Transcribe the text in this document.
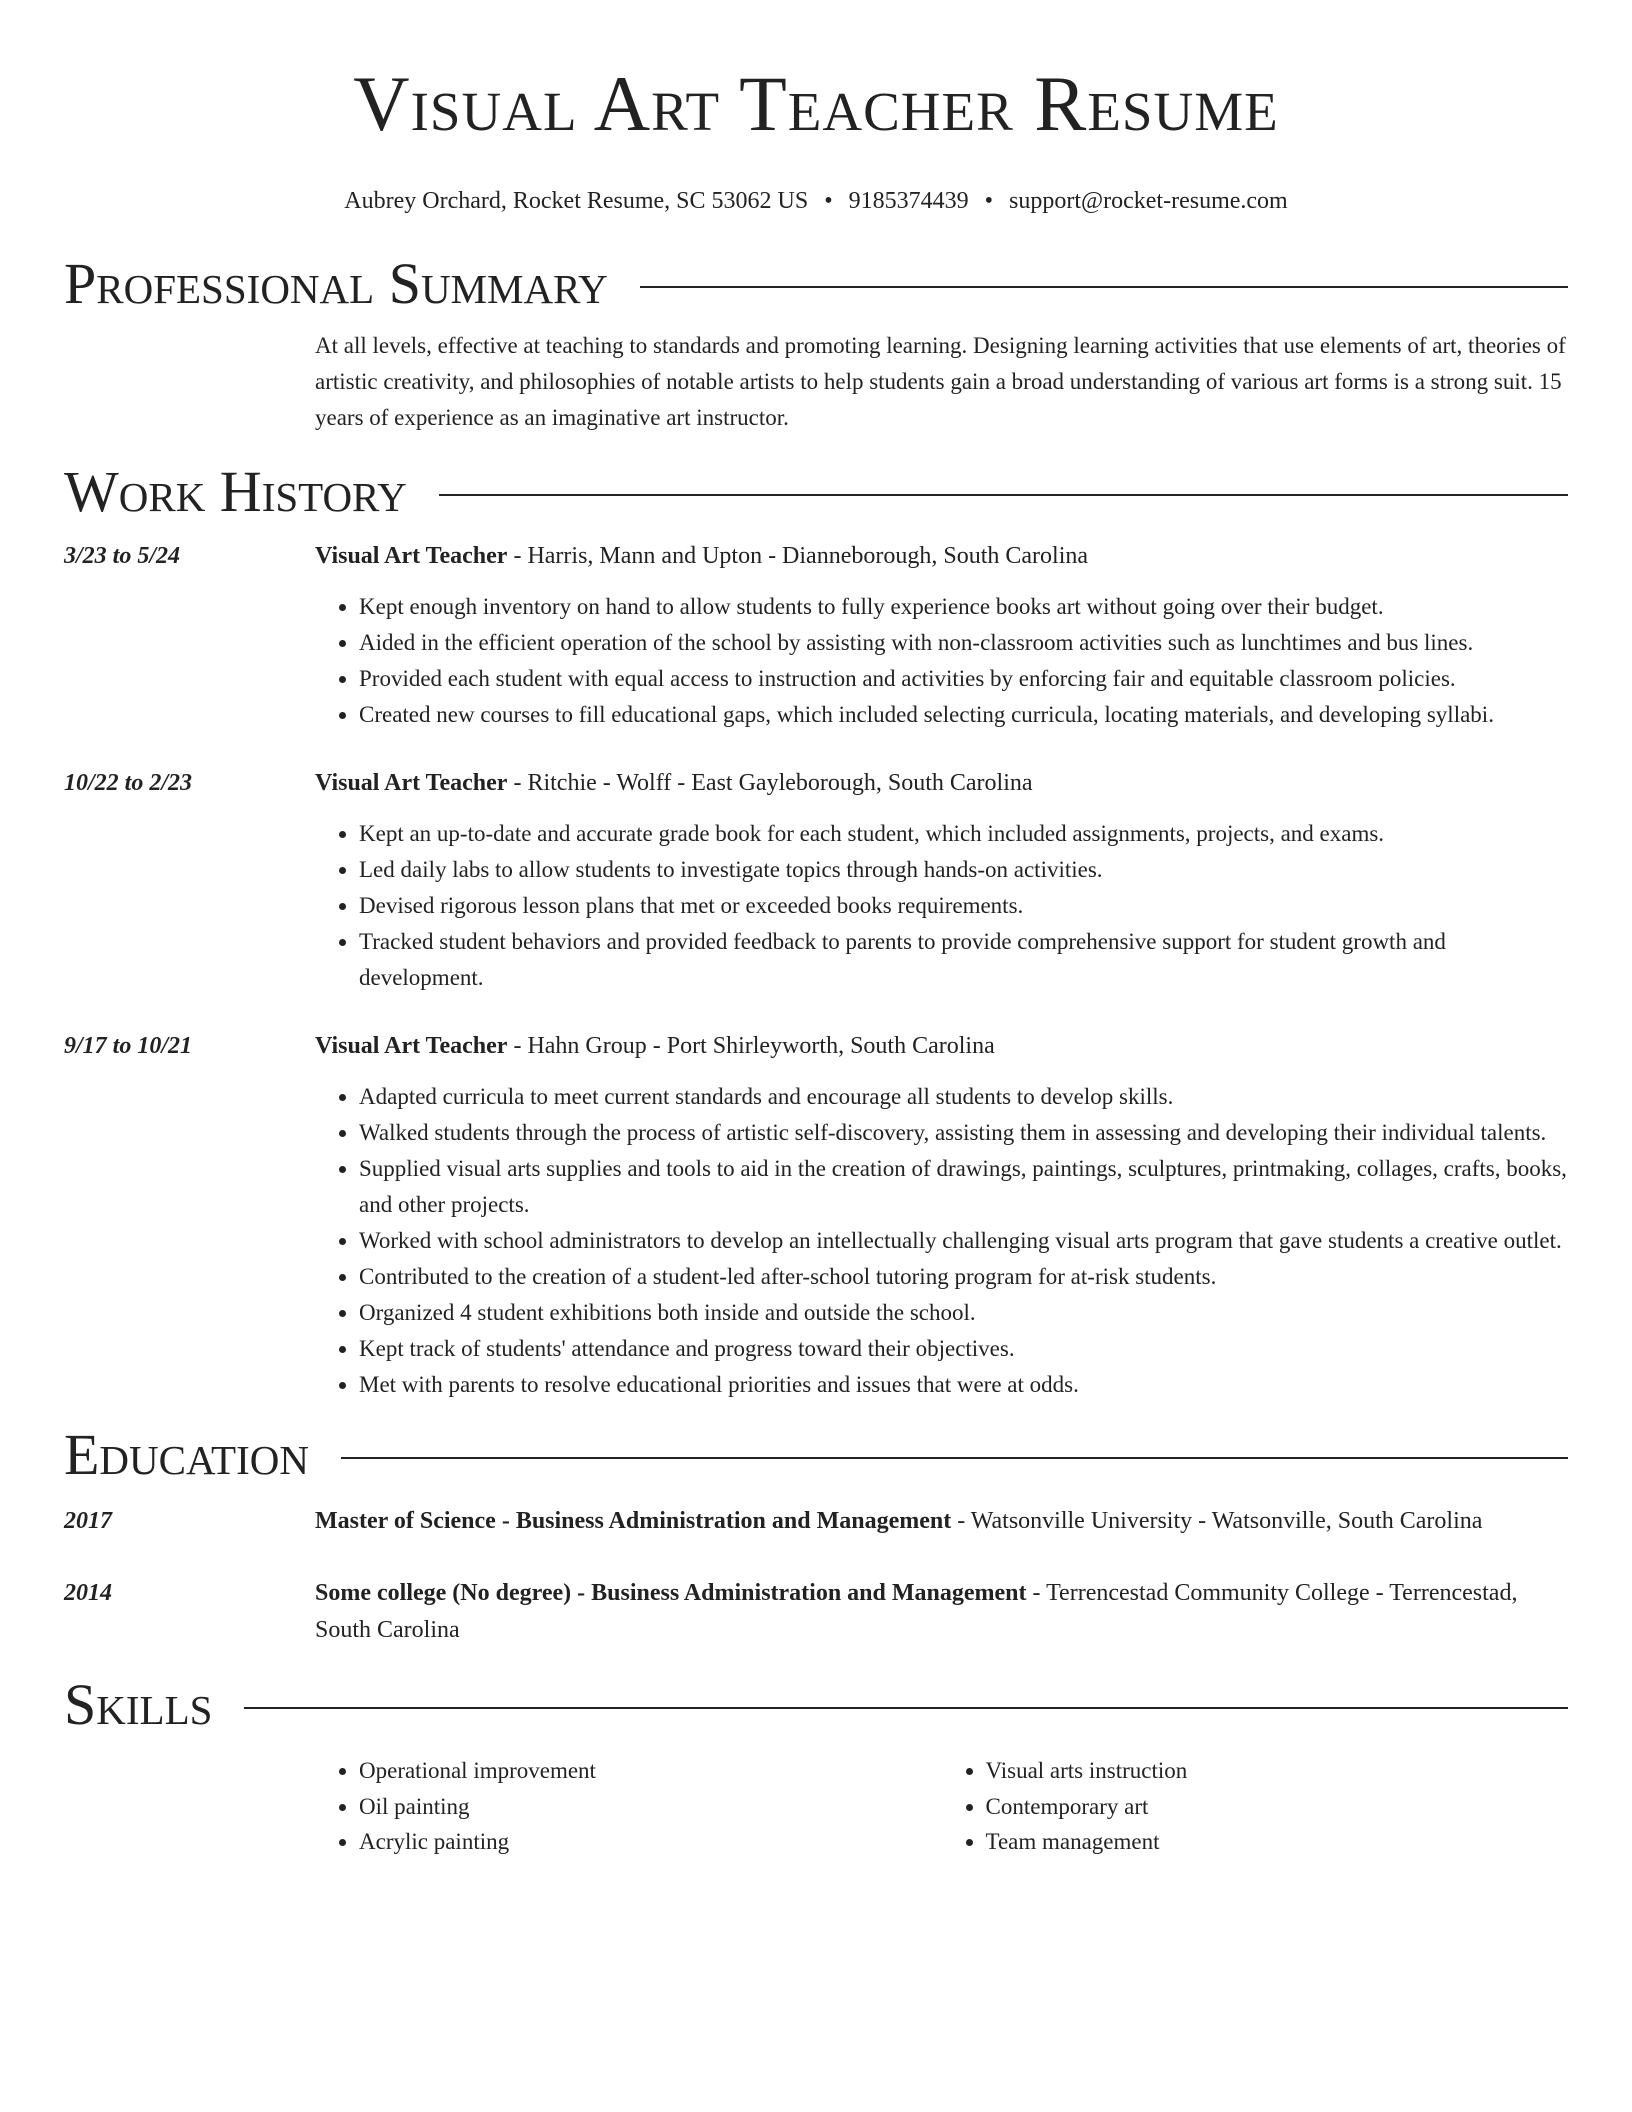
Visual Art Teacher Resume
Aubrey Orchard, Rocket Resume, SC 53062 US • 9185374439 • support@rocket-resume.com
Professional Summary

At all levels, effective at teaching to standards and promoting learning. Designing learning activities that use elements of art, theories of artistic creativity, and philosophies of notable artists to help students gain a broad understanding of various art forms is a strong suit. 15 years of experience as an imaginative art instructor.

Work History
3/23 to 5/24	Visual Art Teacher - Harris, Mann and Upton - Dianneborough, South Carolina

• Kept enough inventory on hand to allow students to fully experience books art without going over their budget.
• Aided in the efficient operation of the school by assisting with non-classroom activities such as lunchtimes and bus lines.
• Provided each student with equal access to instruction and activities by enforcing fair and equitable classroom policies.
• Created new courses to fill educational gaps, which included selecting curricula, locating materials, and developing syllabi.
10/22 to 2/23	Visual Art Teacher - Ritchie - Wolff - East Gayleborough, South Carolina

• Kept an up-to-date and accurate grade book for each student, which included assignments, projects, and exams.
• Led daily labs to allow students to investigate topics through hands-on activities.
• Devised rigorous lesson plans that met or exceeded books requirements.
• Tracked student behaviors and provided feedback to parents to provide comprehensive support for student growth and development.
9/17 to 10/21	Visual Art Teacher - Hahn Group - Port Shirleyworth, South Carolina

• Adapted curricula to meet current standards and encourage all students to develop skills.
• Walked students through the process of artistic self-discovery, assisting them in assessing and developing their individual talents.
• Supplied visual arts supplies and tools to aid in the creation of drawings, paintings, sculptures, printmaking, collages, crafts, books, and other projects.
• Worked with school administrators to develop an intellectually challenging visual arts program that gave students a creative outlet.
• Contributed to the creation of a student-led after-school tutoring program for at-risk students.
• Organized 4 student exhibitions both inside and outside the school.
• Kept track of students' attendance and progress toward their objectives.
• Met with parents to resolve educational priorities and issues that were at odds.
Education
2017	Master of Science - Business Administration and Management - Watsonville University - Watsonville, South Carolina

2014	Some college (No degree) - Business Administration and Management - Terrencestad Community College - Terrencestad, South Carolina

Skills
• Operational improvement
• Oil painting
• Acrylic painting
• Visual arts instruction
• Contemporary art
• Team management
